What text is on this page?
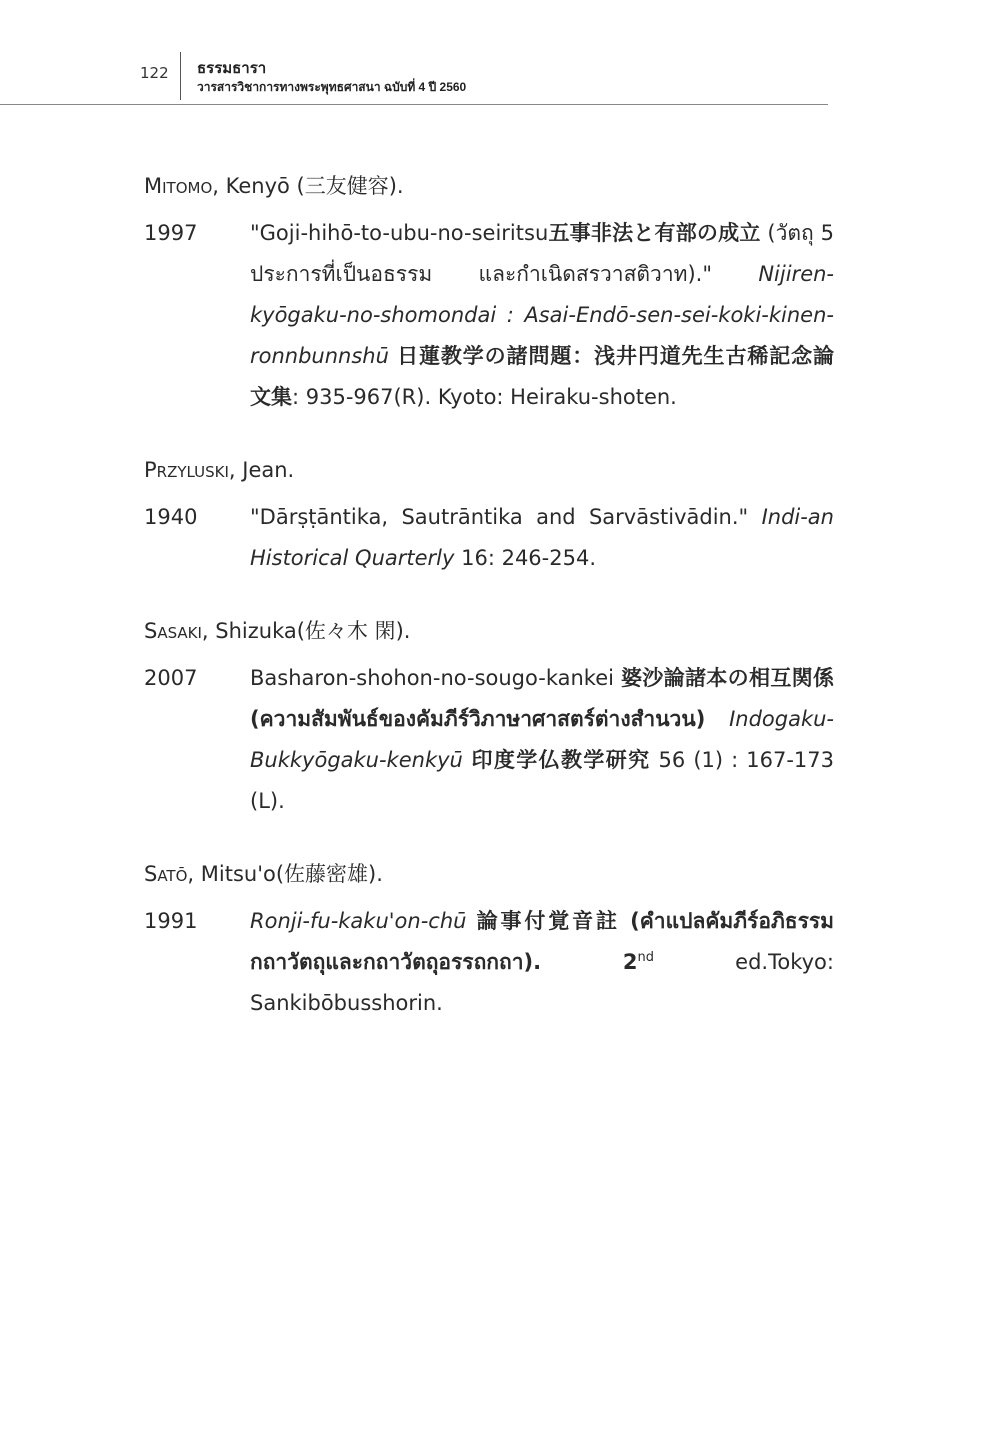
122 ธรรมธารา
วารสารวิชาการทางพระพุทธศาสนา ฉบับที่ 4 ปี 2560
Mitomo, Kenyō (三友健容).
1997	"Goji-hihō-to-ubu-no-seiritsu五事非法と有部の成立 (วัตถุ 5 ประการที่เป็นอธรรม และกำเนิดสรวาสติวาท)." Nijiren-kyōgaku-no-shomondai : Asai-Endō-sen-sei-koki-kinen-ronnbunnshū 日蓮教学の諸問題：浅井円道先生古稀記念論文集: 935-967(R). Kyoto: Heiraku-shoten.
Przyluski, Jean.
1940	"Dārṣṭāntika, Sautrāntika and Sarvāstivādin." Indi-an Historical Quarterly 16: 246-254.
Sasaki, Shizuka(佐々木 閑).
2007	Basharon-shohon-no-sougo-kankei 婆沙論諸本の相互関係 (ความสัมพันธ์ของคัมภีร์วิภาษาศาสตร์ต่างสำนวน) Indogaku-Bukkyōgaku-kenkyū 印度学仏教学研究 56 (1) : 167-173 (L).
Satō, Mitsu'o(佐藤密雄).
1991	Ronji-fu-kaku'on-chū 論事付覚音註 (คำแปลคัมภีร์อภิธรรมกถาวัตถุและกถาวัตถุอรรถกถา). 2nd ed.Tokyo: Sankibōbusshorin.
